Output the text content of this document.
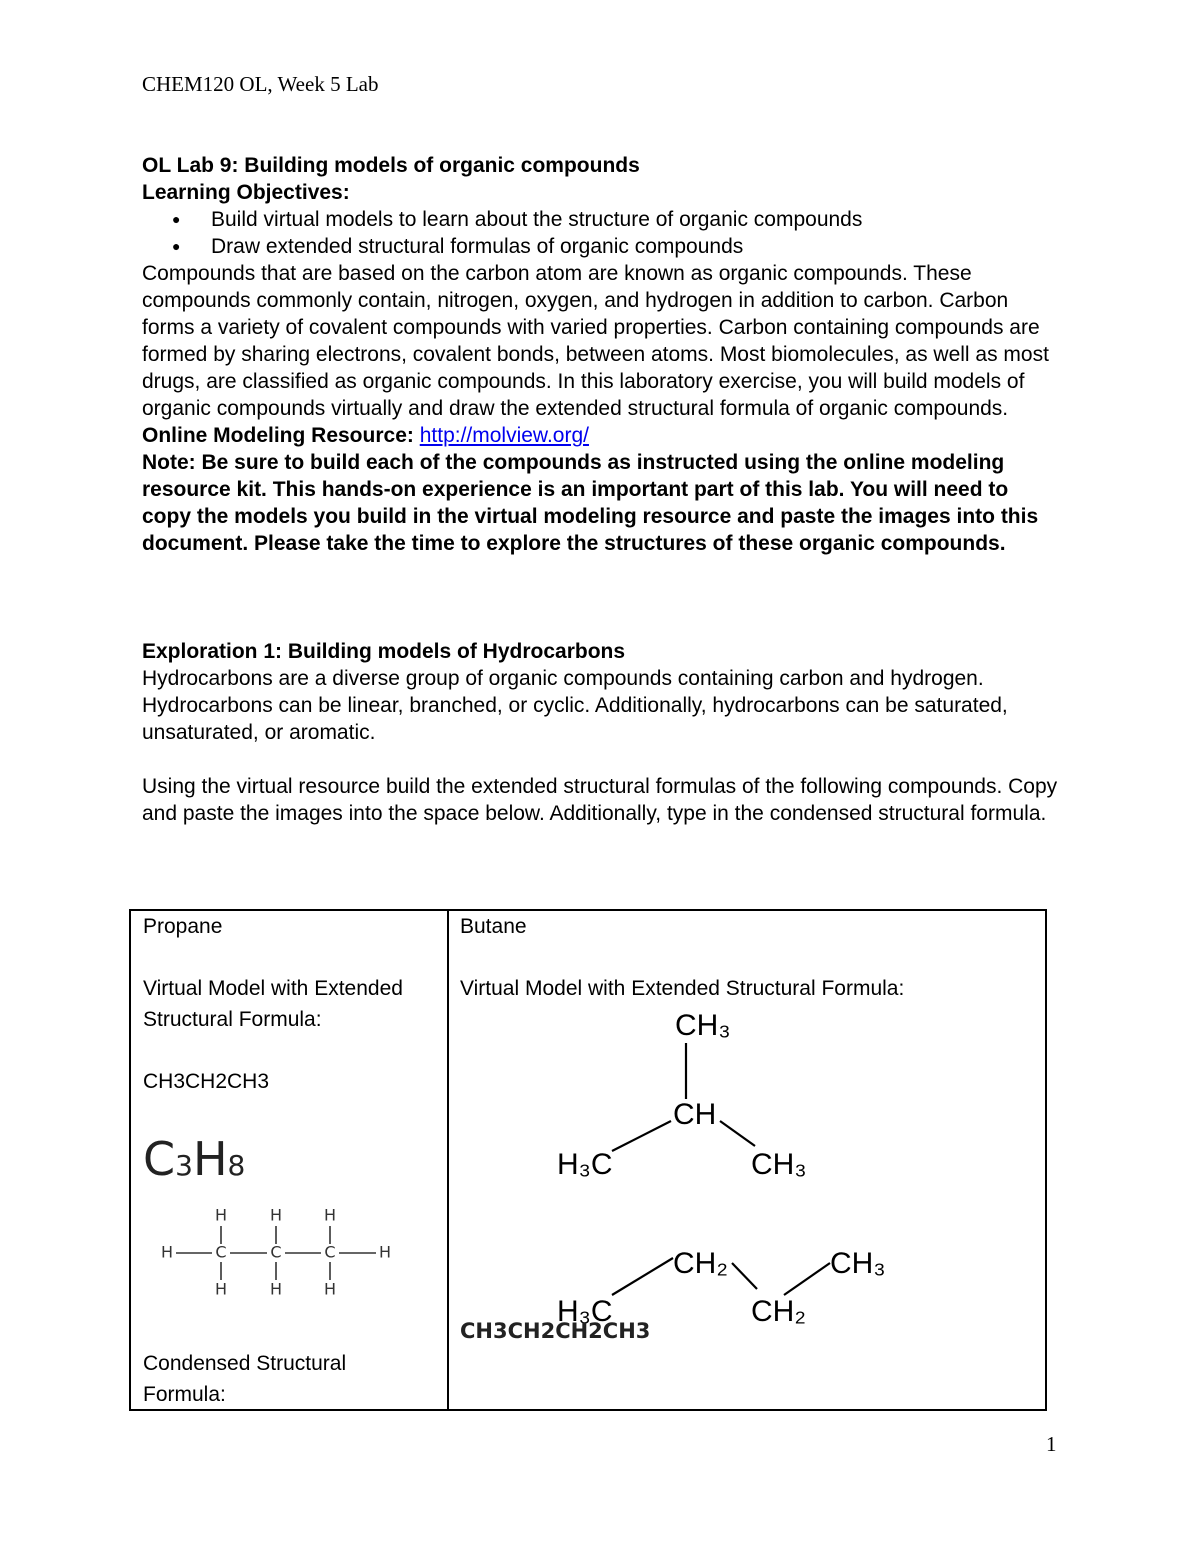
CHEM120 OL, Week 5 Lab
OL Lab 9: Building models of organic compounds
Learning Objectives:
● Build virtual models to learn about the structure of organic compounds
● Draw extended structural formulas of organic compounds
Compounds that are based on the carbon atom are known as organic compounds. These compounds commonly contain, nitrogen, oxygen, and hydrogen in addition to carbon. Carbon forms a variety of covalent compounds with varied properties. Carbon containing compounds are formed by sharing electrons, covalent bonds, between atoms. Most biomolecules, as well as most drugs, are classified as organic compounds. In this laboratory exercise, you will build models of organic compounds virtually and draw the extended structural formula of organic compounds.
Online Modeling Resource: http://molview.org/
Note: Be sure to build each of the compounds as instructed using the online modeling resource kit. This hands-on experience is an important part of this lab. You will need to copy the models you build in the virtual modeling resource and paste the images into this document. Please take the time to explore the structures of these organic compounds.
Exploration 1: Building models of Hydrocarbons
Hydrocarbons are a diverse group of organic compounds containing carbon and hydrogen. Hydrocarbons can be linear, branched, or cyclic. Additionally, hydrocarbons can be saturated, unsaturated, or aromatic.
Using the virtual resource build the extended structural formulas of the following compounds. Copy and paste the images into the space below. Additionally, type in the condensed structural formula.
Propane
Virtual Model with Extended
Structural Formula:
CH3CH2CH3
C3H8
H	C	C	C	H
H	H	H
H	H	H
Condensed Structural
Formula:

Butane
Virtual Model with Extended Structural Formula:
CH₃
CH
H₃C	CH₃
H₃C
CH₂
CH₂
CH₃
CH3CH2CH2CH3
1
